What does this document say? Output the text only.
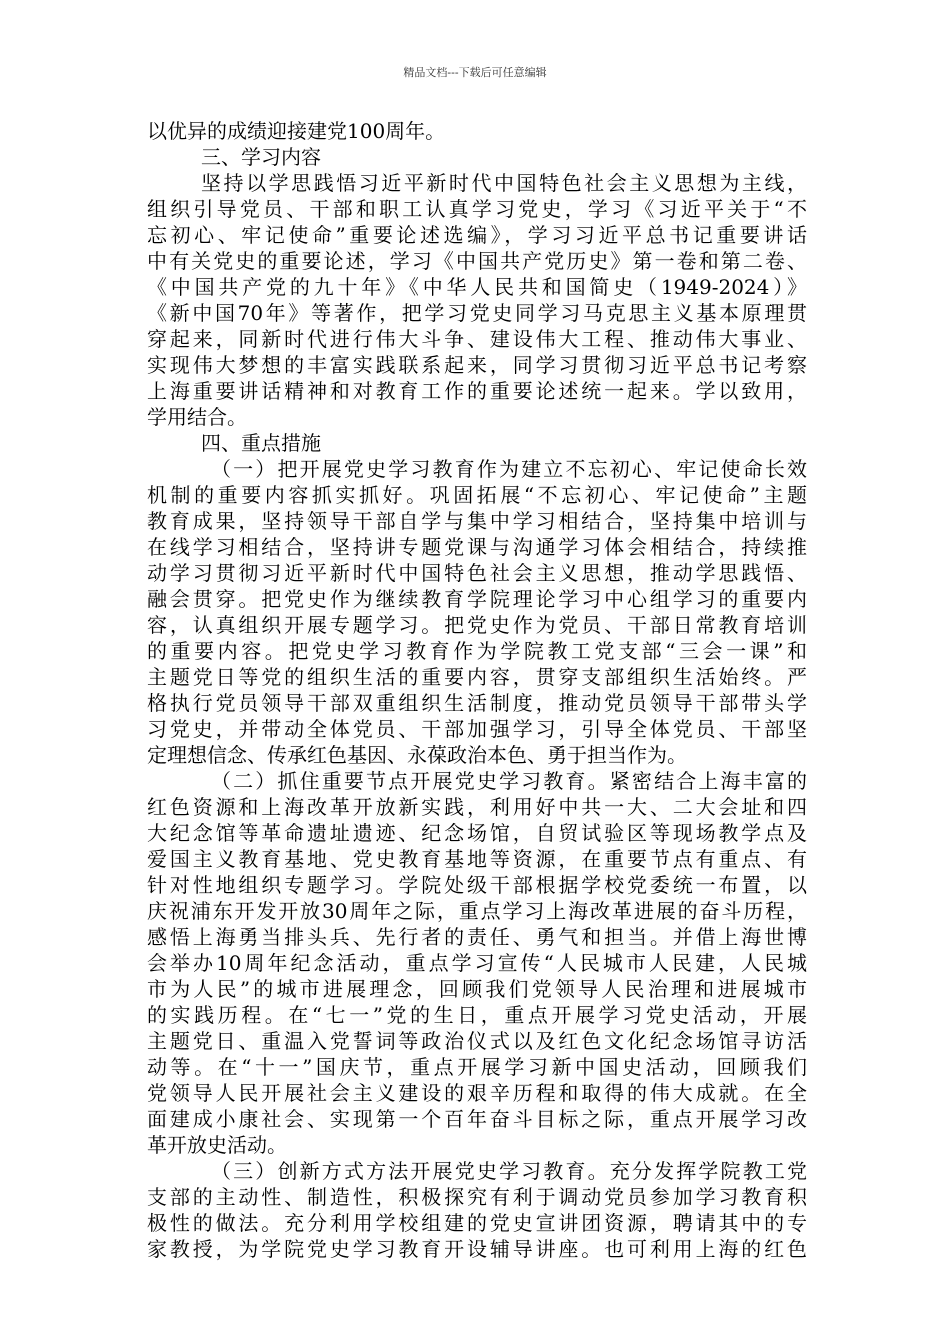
精品文档---下载后可任意编辑
以优异的成绩迎接建党100周年。
三、学习内容
坚持以学思践悟习近平新时代中国特色社会主义思想为主线，
组织引导党员、干部和职工认真学习党史，学习《习近平关于“不
忘初心、牢记使命”重要论述选编》，学习习近平总书记重要讲话
中有关党史的重要论述，学习《中国共产党历史》第一卷和第二卷、
《中国共产党的九十年》《中华人民共和国简史（1949-2024）》
《新中国70年》等著作，把学习党史同学习马克思主义基本原理贯
穿起来，同新时代进行伟大斗争、建设伟大工程、推动伟大事业、
实现伟大梦想的丰富实践联系起来，同学习贯彻习近平总书记考察
上海重要讲话精神和对教育工作的重要论述统一起来。学以致用，
学用结合。
四、重点措施
（一）把开展党史学习教育作为建立不忘初心、牢记使命长效
机制的重要内容抓实抓好。巩固拓展“不忘初心、牢记使命”主题
教育成果，坚持领导干部自学与集中学习相结合，坚持集中培训与
在线学习相结合，坚持讲专题党课与沟通学习体会相结合，持续推
动学习贯彻习近平新时代中国特色社会主义思想，推动学思践悟、
融会贯穿。把党史作为继续教育学院理论学习中心组学习的重要内
容，认真组织开展专题学习。把党史作为党员、干部日常教育培训
的重要内容。把党史学习教育作为学院教工党支部“三会一课”和
主题党日等党的组织生活的重要内容，贯穿支部组织生活始终。严
格执行党员领导干部双重组织生活制度，推动党员领导干部带头学
习党史，并带动全体党员、干部加强学习，引导全体党员、干部坚
定理想信念、传承红色基因、永葆政治本色、勇于担当作为。
（二）抓住重要节点开展党史学习教育。紧密结合上海丰富的
红色资源和上海改革开放新实践，利用好中共一大、二大会址和四
大纪念馆等革命遗址遗迹、纪念场馆，自贸试验区等现场教学点及
爱国主义教育基地、党史教育基地等资源，在重要节点有重点、有
针对性地组织专题学习。学院处级干部根据学校党委统一布置，以
庆祝浦东开发开放30周年之际，重点学习上海改革进展的奋斗历程，
感悟上海勇当排头兵、先行者的责任、勇气和担当。并借上海世博
会举办10周年纪念活动，重点学习宣传“人民城市人民建，人民城
市为人民”的城市进展理念，回顾我们党领导人民治理和进展城市
的实践历程。在“七一”党的生日，重点开展学习党史活动，开展
主题党日、重温入党誓词等政治仪式以及红色文化纪念场馆寻访活
动等。在“十一”国庆节，重点开展学习新中国史活动，回顾我们
党领导人民开展社会主义建设的艰辛历程和取得的伟大成就。在全
面建成小康社会、实现第一个百年奋斗目标之际，重点开展学习改
革开放史活动。
（三）创新方式方法开展党史学习教育。充分发挥学院教工党
支部的主动性、制造性，积极探究有利于调动党员参加学习教育积
极性的做法。充分利用学校组建的党史宣讲团资源，聘请其中的专
家教授，为学院党史学习教育开设辅导讲座。也可利用上海的红色
